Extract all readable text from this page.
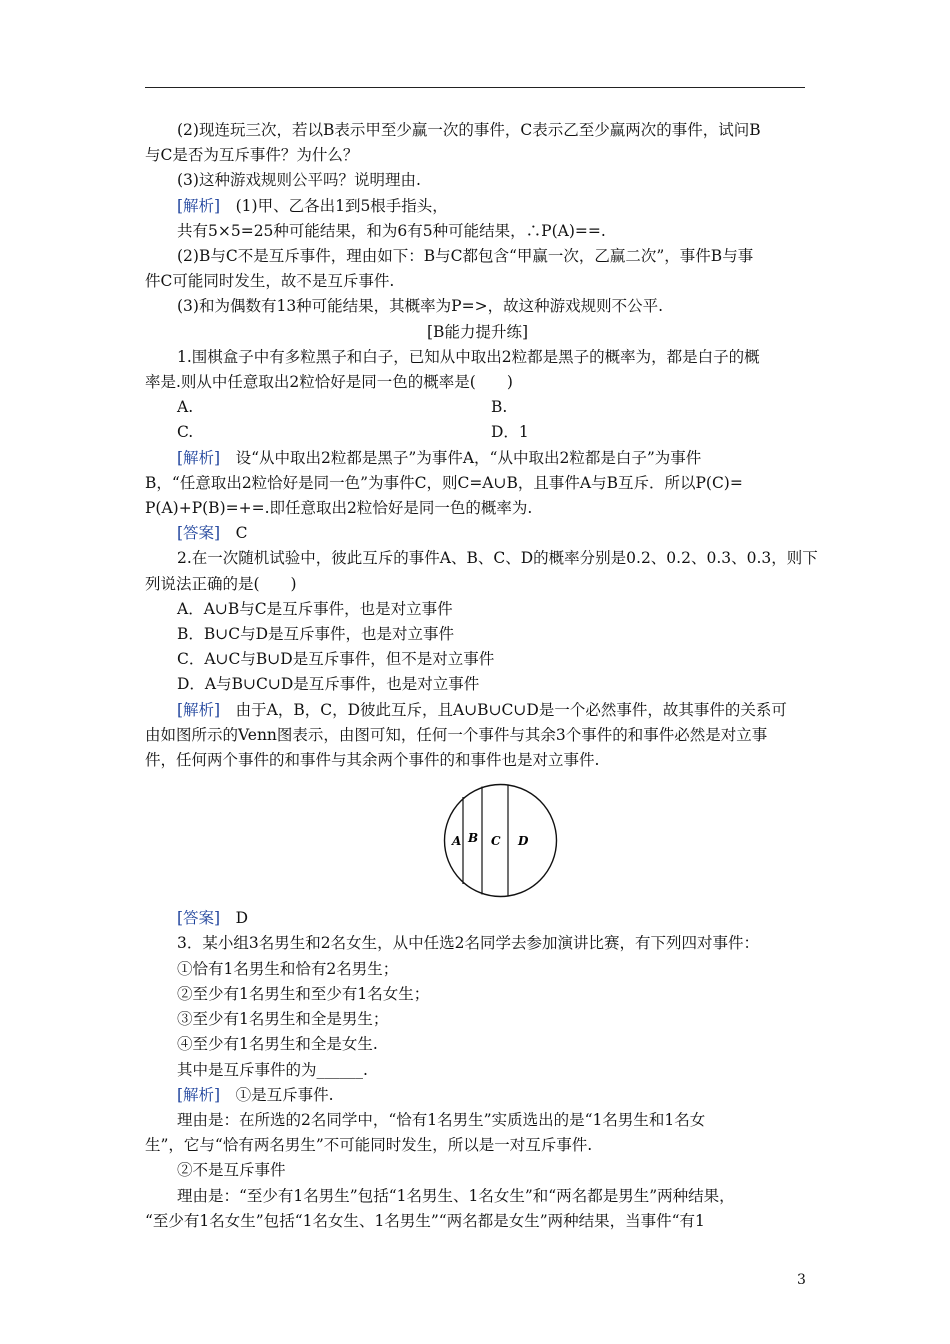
(2)现连玩三次，若以B表示甲至少赢一次的事件，C表示乙至少赢两次的事件，试问B
与C是否为互斥事件？为什么？
(3)这种游戏规则公平吗？说明理由.
[解析]　 (1)甲、乙各出1到5根手指头，
共有5×5=25种可能结果，和为6有5种可能结果，∴P(A)==.
(2)B与C不是互斥事件，理由如下：B与C都包含“甲赢一次，乙赢二次”，事件B与事
件C可能同时发生，故不是互斥事件.
(3)和为偶数有13种可能结果，其概率为P=>，故这种游戏规则不公平.
[B能力提升练]
1.围棋盒子中有多粒黑子和白子，已知从中取出2粒都是黑子的概率为，都是白子的概
率是.则从中任意取出2粒恰好是同一色的概率是(　　)
A.	B.
C.	D．1
[解析]　 设“从中取出2粒都是黑子”为事件A，“从中取出2粒都是白子”为事件
B，“任意取出2粒恰好是同一色”为事件C，则C=A∪B，且事件A与B互斥．所以P(C)=
P(A)+P(B)=+=.即任意取出2粒恰好是同一色的概率为.
[答案]　 C
2.在一次随机试验中，彼此互斥的事件A、B、C、D的概率分别是0.2、0.2、0.3、0.3，则下
列说法正确的是(　　)
A．A∪B与C是互斥事件，也是对立事件
B．B∪C与D是互斥事件，也是对立事件
C．A∪C与B∪D是互斥事件，但不是对立事件
D．A与B∪C∪D是互斥事件，也是对立事件
[解析]　 由于A，B，C，D彼此互斥，且A∪B∪C∪D是一个必然事件，故其事件的关系可
由如图所示的Venn图表示，由图可知，任何一个事件与其余3个事件的和事件必然是对立事
件，任何两个事件的和事件与其余两个事件的和事件也是对立事件.
A B C D
[答案]　 D
3．某小组3名男生和2名女生，从中任选2名同学去参加演讲比赛，有下列四对事件：
①恰有1名男生和恰有2名男生；
②至少有1名男生和至少有1名女生；
③至少有1名男生和全是男生；
④至少有1名男生和全是女生.
其中是互斥事件的为______.
[解析]　 ①是互斥事件.
理由是：在所选的2名同学中，“恰有1名男生”实质选出的是“1名男生和1名女
生”，它与“恰有两名男生”不可能同时发生，所以是一对互斥事件.
②不是互斥事件
理由是：“至少有1名男生”包括“1名男生、1名女生”和“两名都是男生”两种结果，
“至少有1名女生”包括“1名女生、1名男生”“两名都是女生”两种结果，当事件“有1
3
